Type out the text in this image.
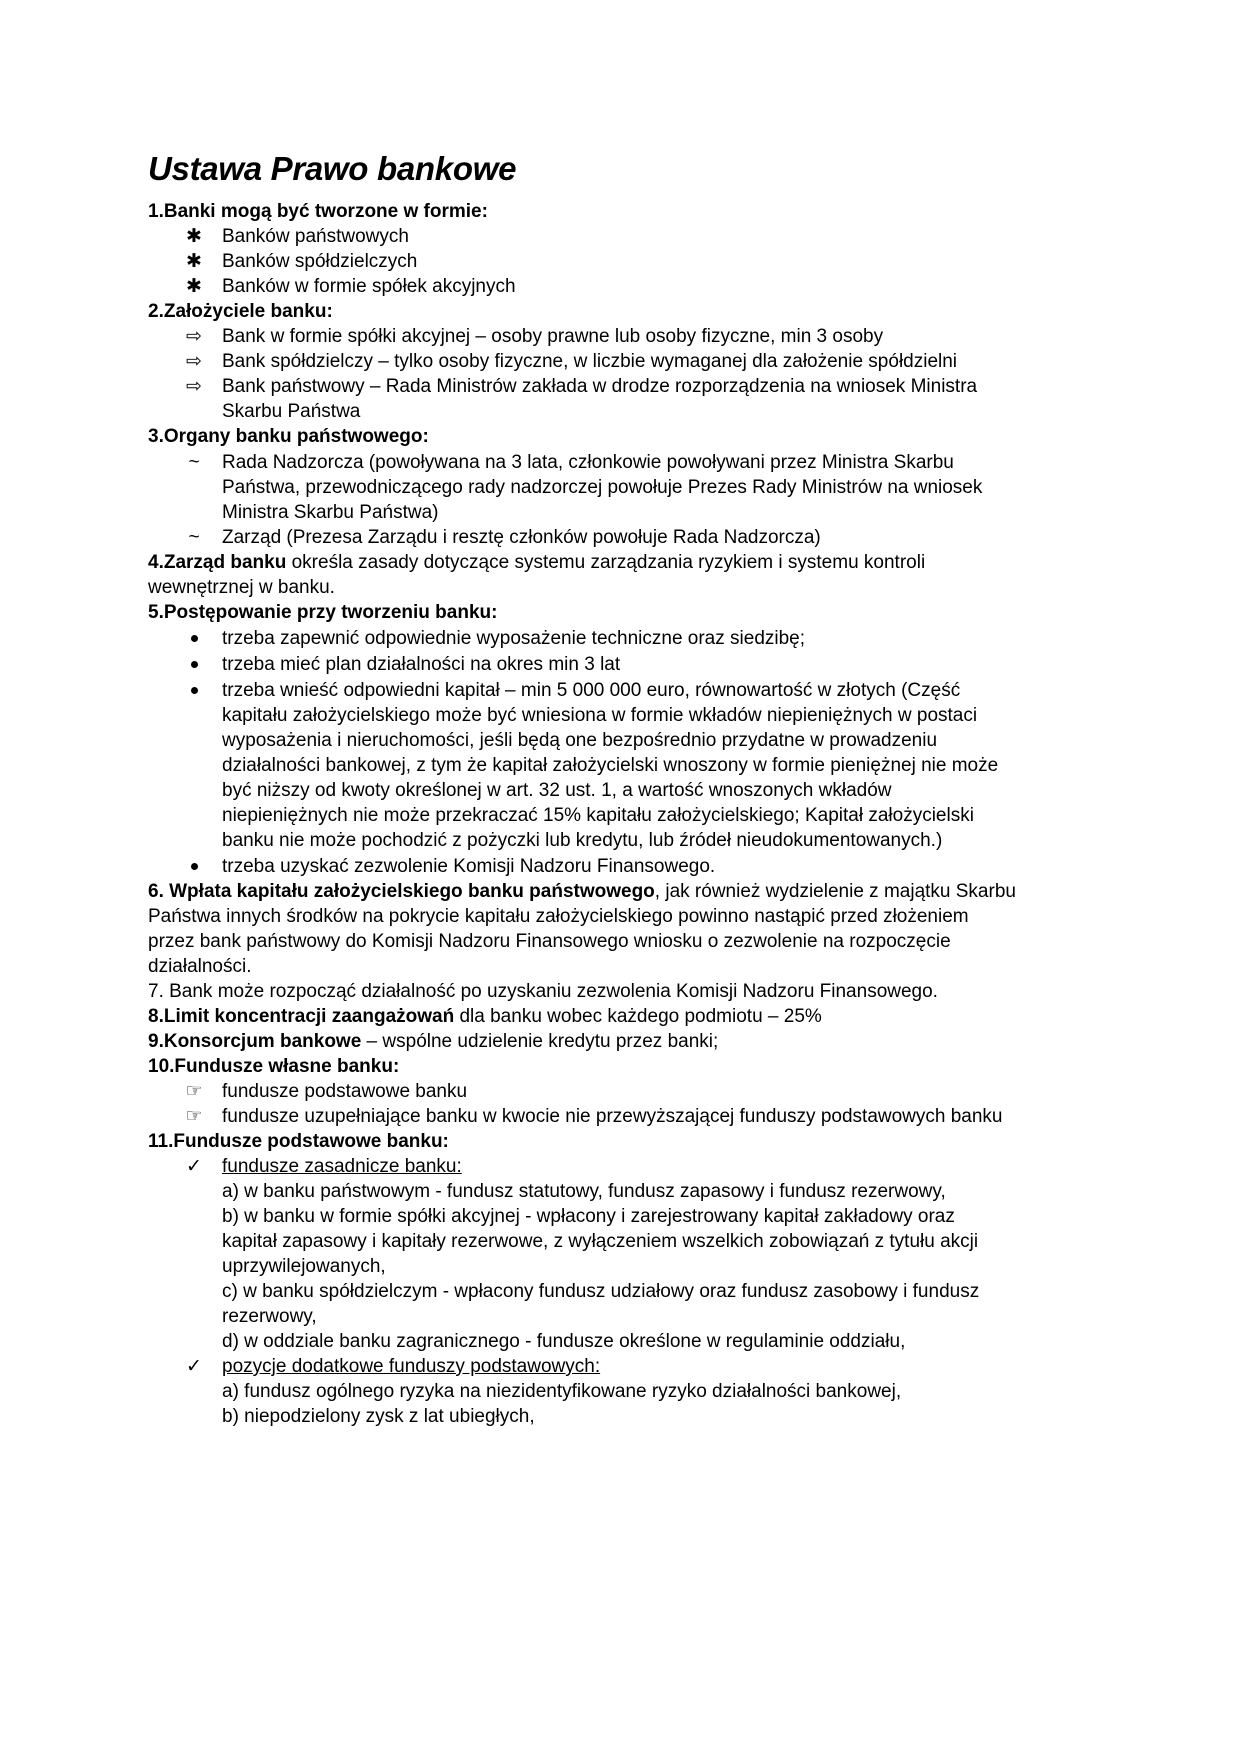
Ustawa Prawo bankowe
1.Banki mogą być tworzone w formie:
✱ Banków państwowych
✱ Banków spółdzielczych
✱ Banków w formie spółek akcyjnych
2.Założyciele banku:
⇨ Bank w formie spółki akcyjnej – osoby prawne lub osoby fizyczne, min 3 osoby
⇨ Bank spółdzielczy – tylko osoby fizyczne, w liczbie wymaganej dla założenie spółdzielni
⇨ Bank państwowy – Rada Ministrów zakłada w drodze rozporządzenia na wniosek Ministra
Skarbu Państwa
3.Organy banku państwowego:
~ Rada Nadzorcza (powoływana na 3 lata, członkowie powoływani przez Ministra Skarbu
Państwa, przewodniczącego rady nadzorczej powołuje Prezes Rady Ministrów na wniosek
Ministra Skarbu Państwa)
~ Zarząd (Prezesa Zarządu i resztę członków powołuje Rada Nadzorcza)
4.Zarząd banku określa zasady dotyczące systemu zarządzania ryzykiem i systemu kontroli
wewnętrznej w banku.
5.Postępowanie przy tworzeniu banku:
trzeba zapewnić odpowiednie wyposażenie techniczne oraz siedzibę;
trzeba mieć plan działalności na okres min 3 lat
trzeba wnieść odpowiedni kapitał – min 5 000 000 euro, równowartość w złotych (Część
kapitału założycielskiego może być wniesiona w formie wkładów niepieniężnych w postaci
wyposażenia i nieruchomości, jeśli będą one bezpośrednio przydatne w prowadzeniu
działalności bankowej, z tym że kapitał założycielski wnoszony w formie pieniężnej nie może
być niższy od kwoty określonej w art. 32 ust. 1, a wartość wnoszonych wkładów
niepieniężnych nie może przekraczać 15% kapitału założycielskiego; Kapitał założycielski
banku nie może pochodzić z pożyczki lub kredytu, lub źródeł nieudokumentowanych.)
trzeba uzyskać zezwolenie Komisji Nadzoru Finansowego.
6. Wpłata kapitału założycielskiego banku państwowego, jak również wydzielenie z majątku Skarbu
Państwa innych środków na pokrycie kapitału założycielskiego powinno nastąpić przed złożeniem
przez bank państwowy do Komisji Nadzoru Finansowego wniosku o zezwolenie na rozpoczęcie
działalności.
7. Bank może rozpocząć działalność po uzyskaniu zezwolenia Komisji Nadzoru Finansowego.
8.Limit koncentracji zaangażowań dla banku wobec każdego podmiotu – 25%
9.Konsorcjum bankowe – wspólne udzielenie kredytu przez banki;
10.Fundusze własne banku:
☞ fundusze podstawowe banku
☞ fundusze uzupełniające banku w kwocie nie przewyższającej funduszy podstawowych banku
11.Fundusze podstawowe banku:
✓ fundusze zasadnicze banku:
a) w banku państwowym - fundusz statutowy, fundusz zapasowy i fundusz rezerwowy,
b) w banku w formie spółki akcyjnej - wpłacony i zarejestrowany kapitał zakładowy oraz
kapitał zapasowy i kapitały rezerwowe, z wyłączeniem wszelkich zobowiązań z tytułu akcji
uprzywilejowanych,
c) w banku spółdzielczym - wpłacony fundusz udziałowy oraz fundusz zasobowy i fundusz
rezerwowy,
d) w oddziale banku zagranicznego - fundusze określone w regulaminie oddziału,
✓ pozycje dodatkowe funduszy podstawowych:
a) fundusz ogólnego ryzyka na niezidentyfikowane ryzyko działalności bankowej,
b) niepodzielony zysk z lat ubiegłych,
